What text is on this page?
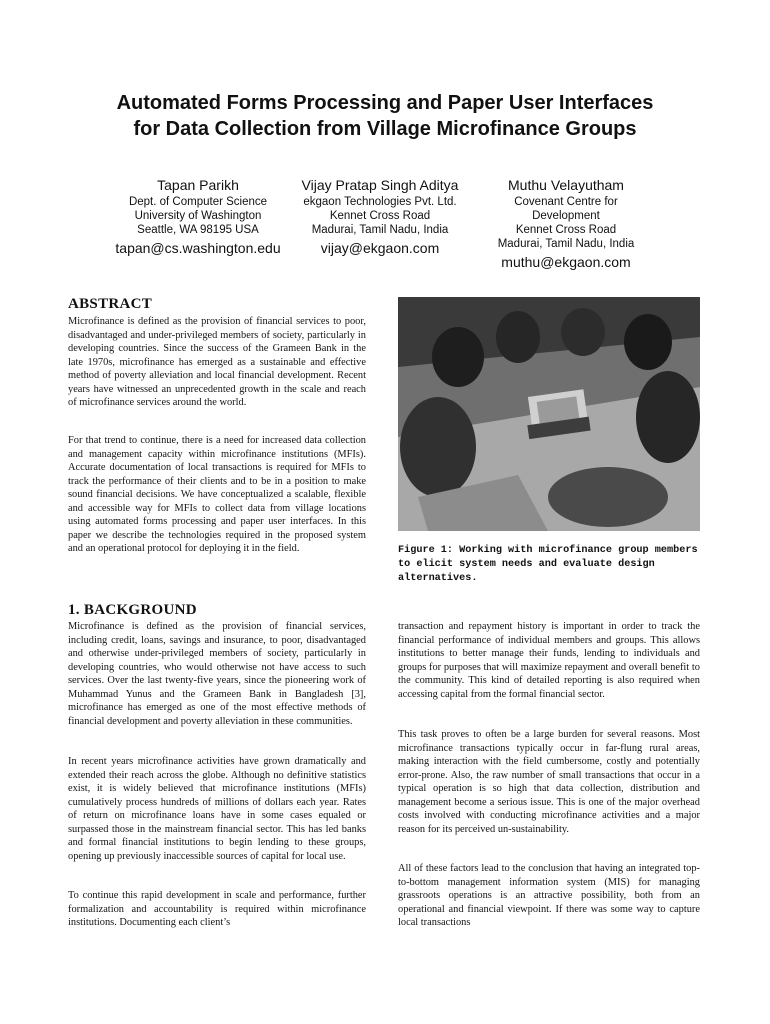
Automated Forms Processing and Paper User Interfaces
for Data Collection from Village Microfinance Groups
Tapan Parikh
Dept. of Computer Science
University of Washington
Seattle, WA 98195 USA
tapan@cs.washington.edu
Vijay Pratap Singh Aditya
ekgaon Technologies Pvt. Ltd.
Kennet Cross Road
Madurai, Tamil Nadu, India
vijay@ekgaon.com
Muthu Velayutham
Covenant Centre for
Development
Kennet Cross Road
Madurai, Tamil Nadu, India
muthu@ekgaon.com
ABSTRACT
Microfinance is defined as the provision of financial services to poor, disadvantaged and under-privileged members of society, particularly in developing countries. Since the success of the Grameen Bank in the late 1970s, microfinance has emerged as a sustainable and effective method of poverty alleviation and local financial development. Recent years have witnessed an unprecedented growth in the scale and reach of microfinance services around the world.
For that trend to continue, there is a need for increased data collection and management capacity within microfinance institutions (MFIs). Accurate documentation of local transactions is required for MFIs to track the performance of their clients and to be in a position to make sound financial decisions. We have conceptualized a scalable, flexible and accessible way for MFIs to collect data from village locations using automated forms processing and paper user interfaces. In this paper we describe the technologies required in the proposed system and an operational protocol for deploying it in the field.	Figure 1: Working with microfinance group members to elicit system needs and evaluate design alternatives.
1. BACKGROUND
Microfinance is defined as the provision of financial services, including credit, loans, savings and insurance, to poor, disadvantaged and otherwise under-privileged members of society, particularly in developing countries, who would otherwise not have access to such services. Over the last twenty-five years, since the pioneering work of Muhammad Yunus and the Grameen Bank in Bangladesh [3], microfinance has emerged as one of the most effective methods of financial development and poverty alleviation in these communities.
In recent years microfinance activities have grown dramatically and extended their reach across the globe. Although no definitive statistics exist, it is widely believed that microfinance institutions (MFIs) cumulatively process hundreds of millions of dollars each year. Rates of return on microfinance loans have in some cases equaled or surpassed those in the mainstream financial sector. This has led banks and formal financial institutions to begin lending to these groups, opening up previously inaccessible sources of capital for local use.
To continue this rapid development in scale and performance, further formalization and accountability is required within microfinance institutions. Documenting each client’s
transaction and repayment history is important in order to track the financial performance of individual members and groups. This allows institutions to better manage their funds, lending to individuals and groups for purposes that will maximize repayment and overall benefit to the community. This kind of detailed reporting is also required when accessing capital from the formal financial sector.
This task proves to often be a large burden for several reasons. Most microfinance transactions typically occur in far-flung rural areas, making interaction with the field cumbersome, costly and potentially error-prone. Also, the raw number of small transactions that occur in a typical operation is so high that data collection, distribution and management become a serious issue. This is one of the major overhead costs involved with conducting microfinance activities and a major reason for its perceived un-sustainability.
All of these factors lead to the conclusion that having an integrated top-to-bottom management information system (MIS) for managing grassroots operations is an attractive possibility, both from an operational and financial viewpoint. If there was some way to capture local transactions
